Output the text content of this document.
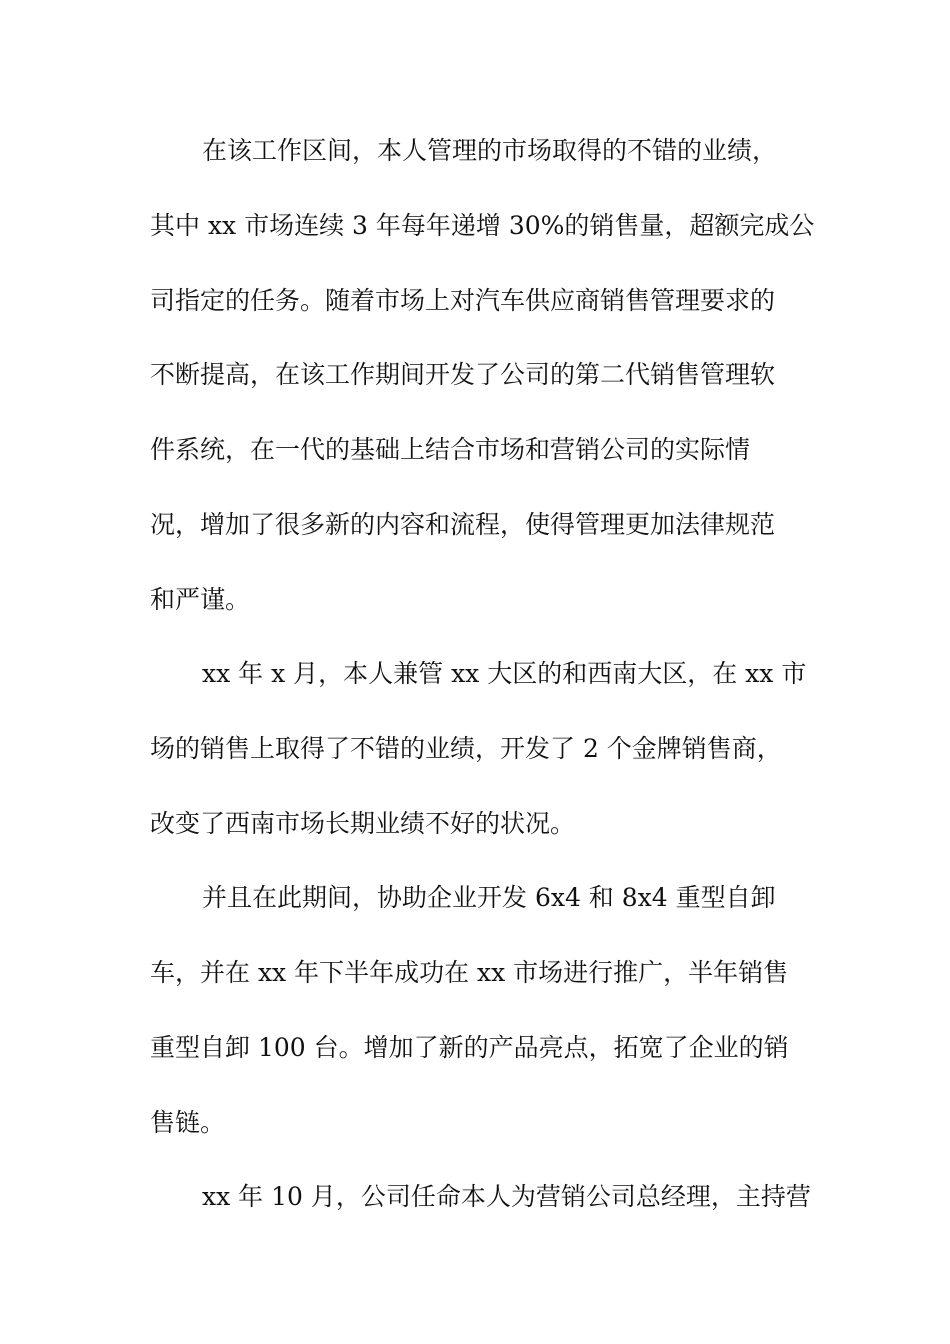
在该工作区间，本人管理的市场取得的不错的业绩，
其中 xx 市场连续 3 年每年递增 30%的销售量，超额完成公
司指定的任务。随着市场上对汽车供应商销售管理要求的
不断提高，在该工作期间开发了公司的第二代销售管理软
件系统，在一代的基础上结合市场和营销公司的实际情
况，增加了很多新的内容和流程，使得管理更加法律规范
和严谨。
xx 年 x 月，本人兼管 xx 大区的和西南大区，在 xx 市
场的销售上取得了不错的业绩，开发了 2 个金牌销售商，
改变了西南市场长期业绩不好的状况。
并且在此期间，协助企业开发 6x4 和 8x4 重型自卸
车，并在 xx 年下半年成功在 xx 市场进行推广，半年销售
重型自卸 100 台。增加了新的产品亮点，拓宽了企业的销
售链。
xx 年 10 月，公司任命本人为营销公司总经理，主持营
